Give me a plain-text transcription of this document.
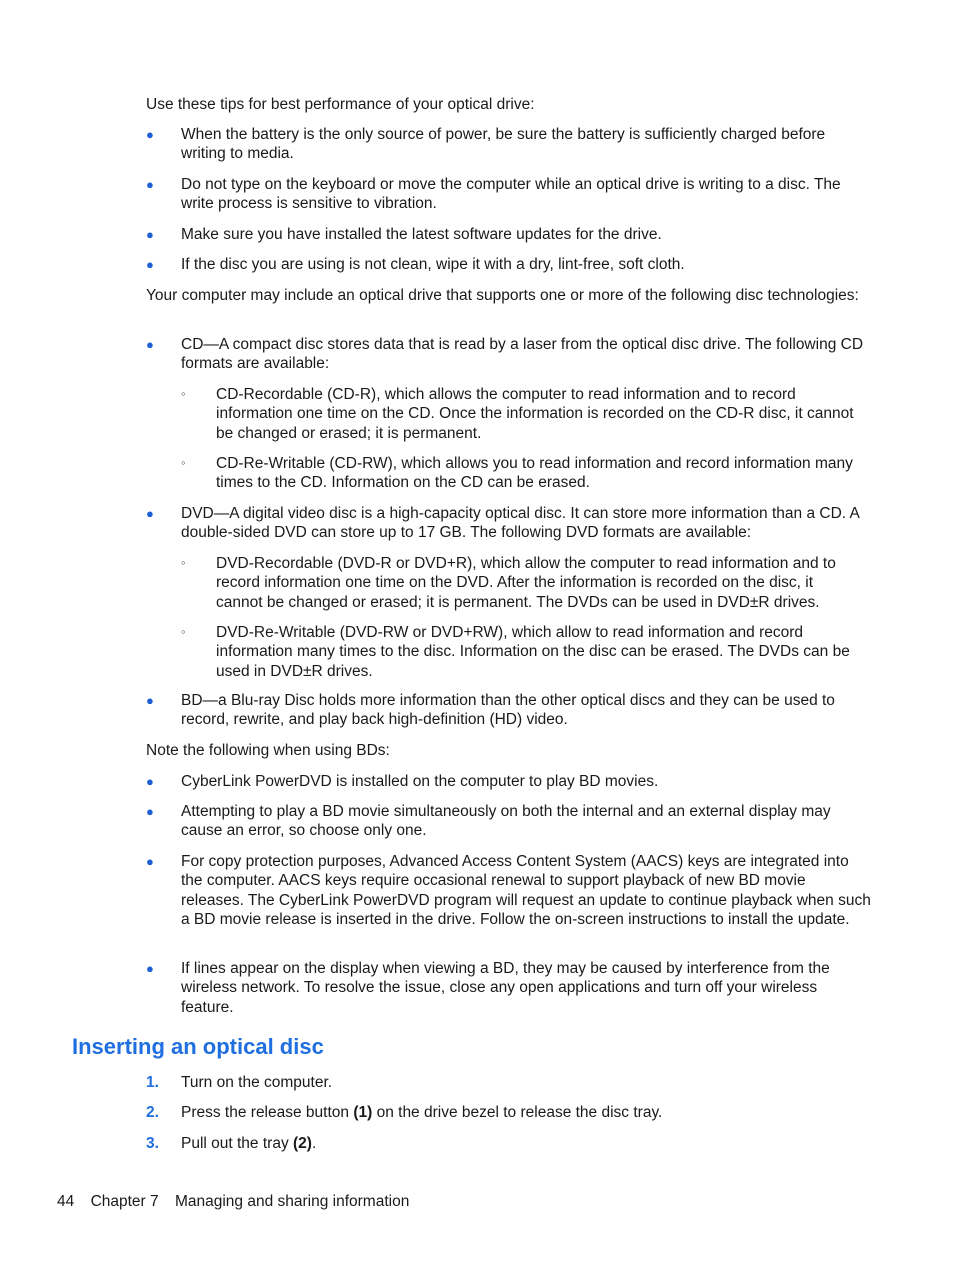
Use these tips for best performance of your optical drive:

● When the battery is the only source of power, be sure the battery is sufficiently charged before writing to media.
● Do not type on the keyboard or move the computer while an optical drive is writing to a disc. The write process is sensitive to vibration.
● Make sure you have installed the latest software updates for the drive.
● If the disc you are using is not clean, wipe it with a dry, lint-free, soft cloth.

Your computer may include an optical drive that supports one or more of the following disc technologies:

● CD—A compact disc stores data that is read by a laser from the optical disc drive. The following CD formats are available:
◦ CD-Recordable (CD-R), which allows the computer to read information and to record information one time on the CD. Once the information is recorded on the CD-R disc, it cannot be changed or erased; it is permanent.
◦ CD-Re-Writable (CD-RW), which allows you to read information and record information many times to the CD. Information on the CD can be erased.
● DVD—A digital video disc is a high-capacity optical disc. It can store more information than a CD. A double-sided DVD can store up to 17 GB. The following DVD formats are available:
◦ DVD-Recordable (DVD-R or DVD+R), which allow the computer to read information and to record information one time on the DVD. After the information is recorded on the disc, it cannot be changed or erased; it is permanent. The DVDs can be used in DVD±R drives.
◦ DVD-Re-Writable (DVD-RW or DVD+RW), which allow to read information and record information many times to the disc. Information on the disc can be erased. The DVDs can be used in DVD±R drives.
● BD—a Blu-ray Disc holds more information than the other optical discs and they can be used to record, rewrite, and play back high-definition (HD) video.

Note the following when using BDs:

● CyberLink PowerDVD is installed on the computer to play BD movies.
● Attempting to play a BD movie simultaneously on both the internal and an external display may cause an error, so choose only one.
● For copy protection purposes, Advanced Access Content System (AACS) keys are integrated into the computer. AACS keys require occasional renewal to support playback of new BD movie releases. The CyberLink PowerDVD program will request an update to continue playback when such a BD movie release is inserted in the drive. Follow the on-screen instructions to install the update.
● If lines appear on the display when viewing a BD, they may be caused by interference from the wireless network. To resolve the issue, close any open applications and turn off your wireless feature.
Inserting an optical disc
1. Turn on the computer.
2. Press the release button (1) on the drive bezel to release the disc tray.
3. Pull out the tray (2).
44 Chapter 7 Managing and sharing information
